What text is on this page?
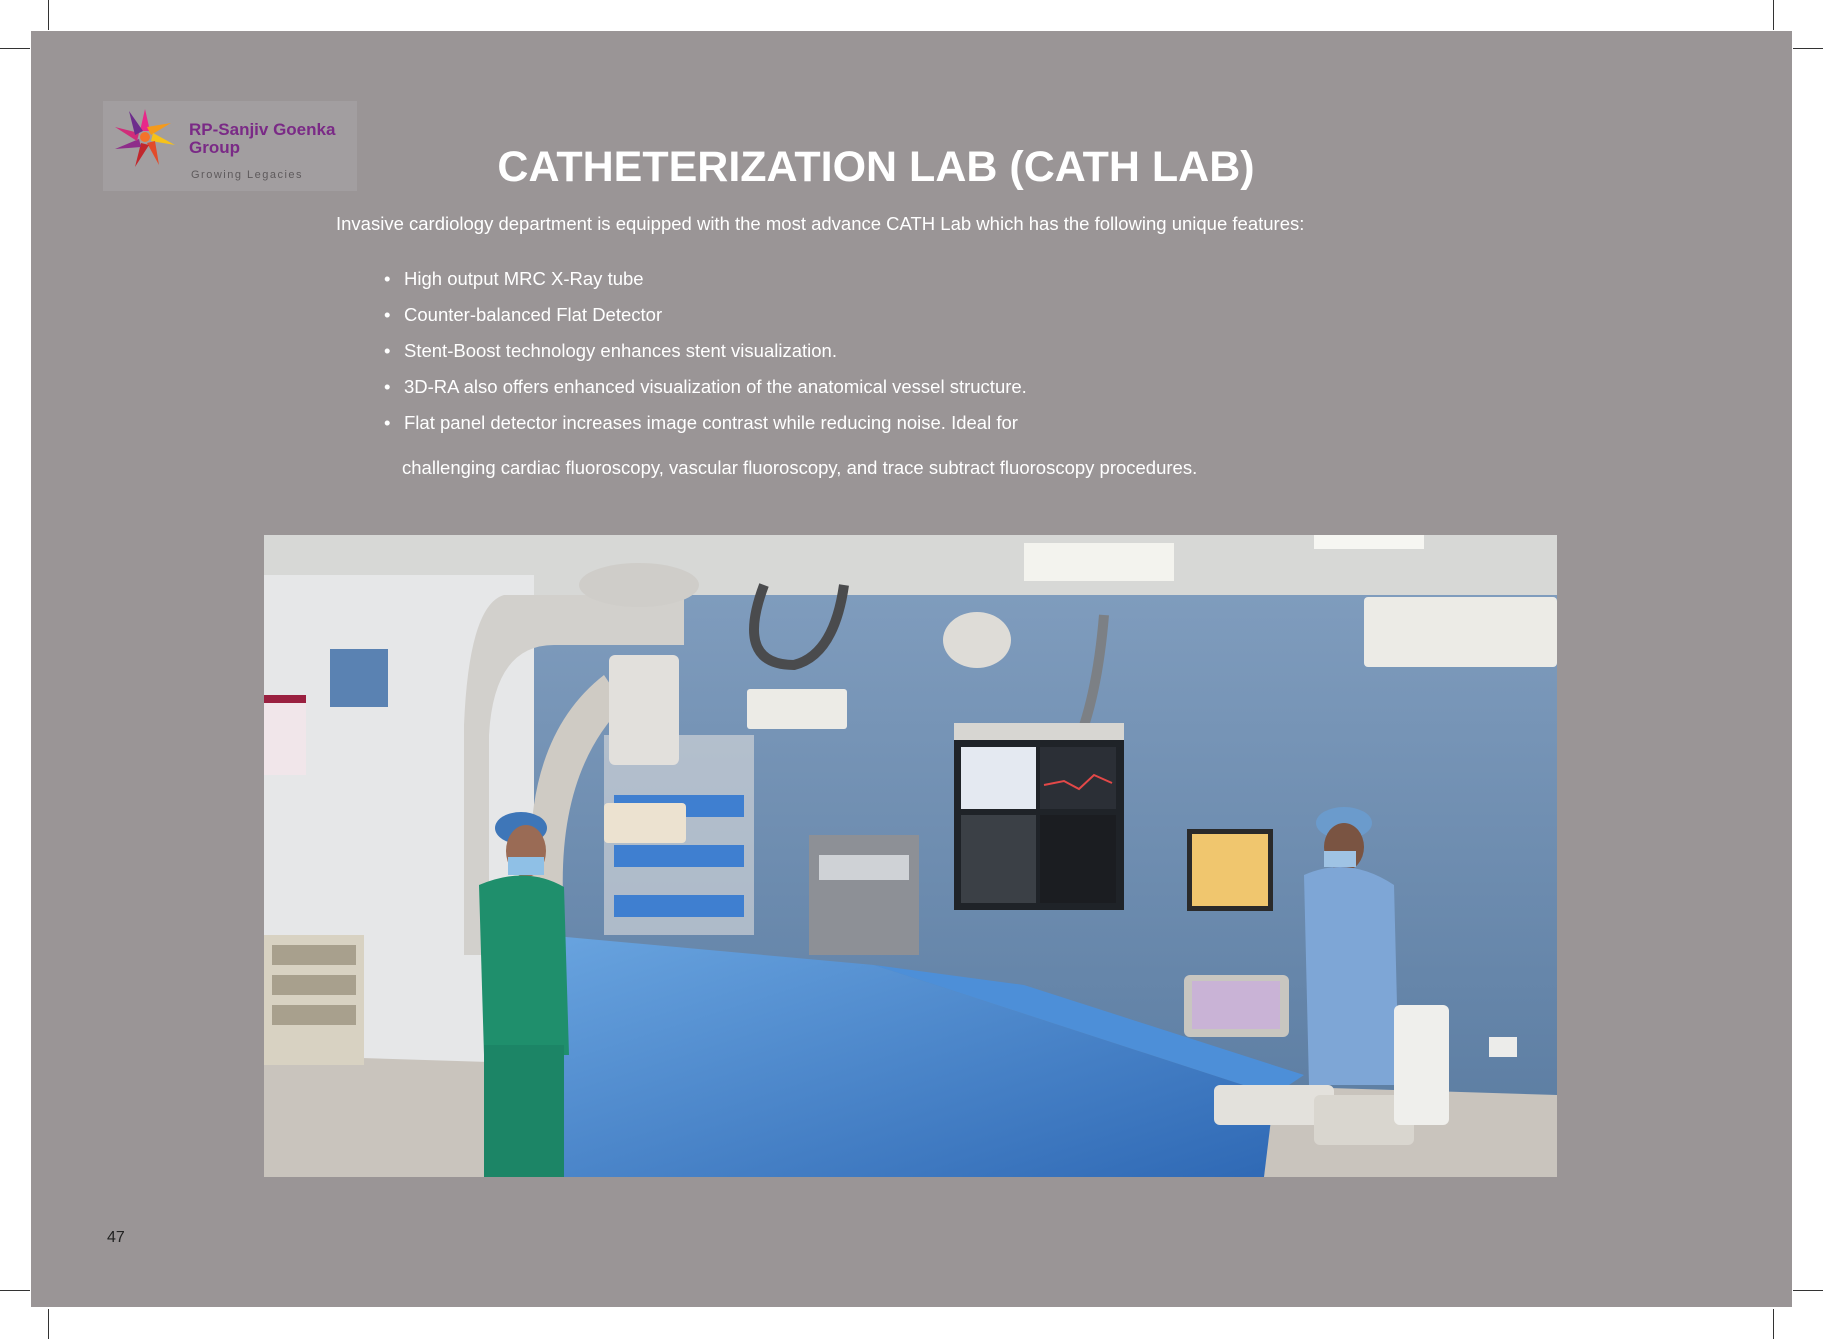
RP-Sanjiv Goenka Group
Growing Legacies	CATHETERIZATION LAB (CATH LAB)
Invasive cardiology department is equipped with the most advance CATH Lab which has the following unique features:
• High output MRC X-Ray tube
• Counter-balanced Flat Detector
• Stent-Boost technology enhances stent visualization.
• 3D-RA also offers enhanced visualization of the anatomical vessel structure.
• Flat panel detector increases image contrast while reducing noise. Ideal for
challenging cardiac fluoroscopy, vascular fluoroscopy, and trace subtract fluoroscopy procedures.
47
